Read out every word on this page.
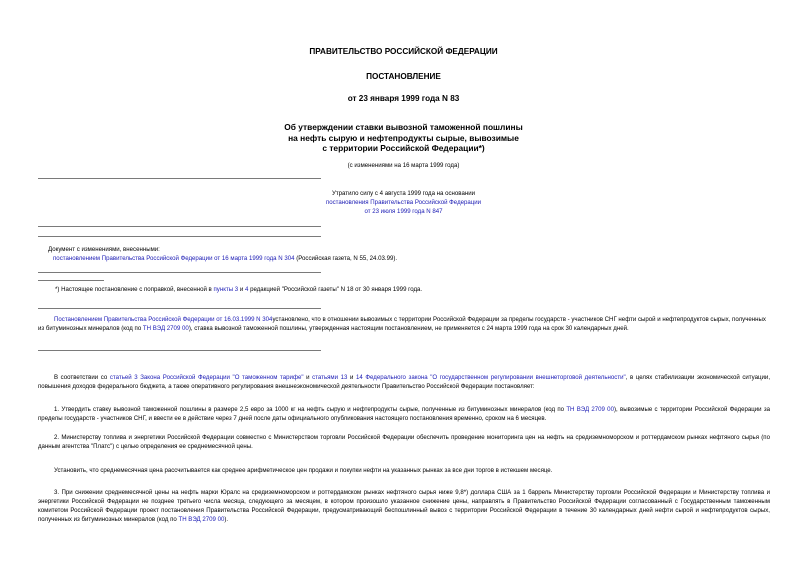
ПРАВИТЕЛЬСТВО РОССИЙСКОЙ ФЕДЕРАЦИИ
ПОСТАНОВЛЕНИЕ
от 23 января 1999 года N 83
Об утверждении ставки вывозной таможенной пошлины
на нефть сырую и нефтепродукты сырые, вывозимые
с территории Российской Федерации*)
(с изменениями на 16 марта 1999 года)
Утратило силу с 4 августа 1999 года на основании
постановления Правительства Российской Федерации
от 23 июля 1999 года N 847
Документ с изменениями, внесенными:
постановлением Правительства Российской Федерации от 16 марта 1999 года N 304 (Российская газета, N 55, 24.03.99).
*) Настоящее постановление с поправкой, внесенной в пункты 3 и 4 редакцией "Российской газеты" N 18 от 30 января 1999 года.
Постановлением Правительства Российской Федерации от 16.03.1999 N 304установлено, что в отношении вывозимых с территории Российской Федерации за пределы государств - участников СНГ нефти сырой и нефтепродуктов сырых, полученных из битуминозных минералов (код по ТН ВЭД 2709 00), ставка вывозной таможенной пошлины, утвержденная настоящим постановлением, не применяется с 24 марта 1999 года на срок 30 календарных дней.
В соответствии со статьей 3 Закона Российской Федерации "О таможенном тарифе" и статьями 13 и 14 Федерального закона "О государственном регулировании внешнеторговой деятельности", в целях стабилизации экономической ситуации, повышения доходов федерального бюджета, а также оперативного регулирования внешнеэкономической деятельности Правительство Российской Федерации постановляет:
1. Утвердить ставку вывозной таможенной пошлины в размере 2,5 евро за 1000 кг на нефть сырую и нефтепродукты сырые, полученные из битуминозных минералов (код по ТН ВЭД 2709 00), вывозимые с территории Российской Федерации за пределы государств - участников СНГ, и ввести ее в действие через 7 дней после даты официального опубликования настоящего постановления временно, сроком на 6 месяцев.
2. Министерству топлива и энергетики Российской Федерации совместно с Министерством торговли Российской Федерации обеспечить проведение мониторинга цен на нефть на средиземноморском и роттердамском рынках нефтяного сырья (по данным агентства "Платс") с целью определения ее среднемесячной цены.
Установить, что среднемесячная цена рассчитывается как среднее арифметическое цен продажи и покупки нефти на указанных рынках за все дни торгов в истекшем месяце.
3. При снижении среднемесячной цены на нефть марки Юралс на средиземноморском и роттердамском рынках нефтяного сырья ниже 9,8*) доллара США за 1 баррель Министерству торговли Российской Федерации и Министерству топлива и энергетики Российской Федерации не позднее третьего числа месяца, следующего за месяцем, в котором произошло указанное снижение цены, направлять в Правительство Российской Федерации согласованный с Государственным таможенным комитетом Российской Федерации проект постановления Правительства Российской Федерации, предусматривающий беспошлинный вывоз с территории Российской Федерации в течение 30 календарных дней нефти сырой и нефтепродуктов сырых, полученных из битуминозных минералов (код по ТН ВЭД 2709 00).
